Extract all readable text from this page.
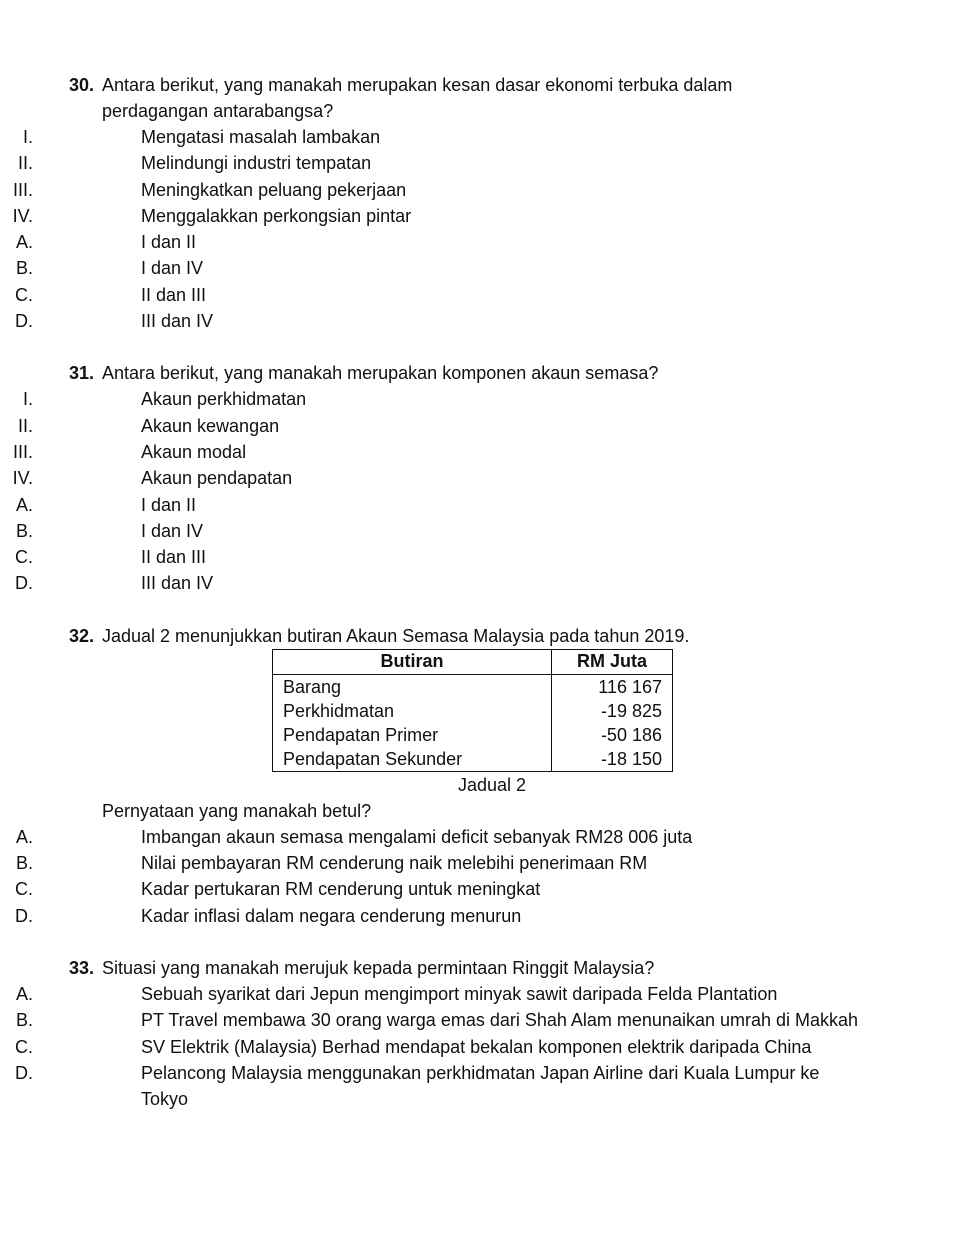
30. Antara berikut, yang manakah merupakan kesan dasar ekonomi terbuka dalam perdagangan antarabangsa?
I.	Mengatasi masalah lambakan
II.	Melindungi industri tempatan
III.	Meningkatkan peluang pekerjaan
IV.	Menggalakkan perkongsian pintar
A.	I dan II
B.	I dan IV
C.	II dan III
D.	III dan IV
31. Antara berikut, yang manakah merupakan komponen akaun semasa?
I.	Akaun perkhidmatan
II.	Akaun kewangan
III.	Akaun modal
IV.	Akaun pendapatan
A.	I dan II
B.	I dan IV
C.	II dan III
D.	III dan IV
32. Jadual 2 menunjukkan butiran Akaun Semasa Malaysia pada tahun 2019.
Butiran	RM Juta
Barang	116 167
Perkhidmatan	-19 825
Pendapatan Primer	-50 186
Pendapatan Sekunder	-18 150
Jadual 2
Pernyataan yang manakah betul?
A.	Imbangan akaun semasa mengalami deficit sebanyak RM28 006 juta
B.	Nilai pembayaran RM cenderung naik melebihi penerimaan RM
C.	Kadar pertukaran RM cenderung untuk meningkat
D.	Kadar inflasi dalam negara cenderung menurun
33. Situasi yang manakah merujuk kepada permintaan Ringgit Malaysia?
A.	Sebuah syarikat dari Jepun mengimport minyak sawit daripada Felda Plantation
B.	PT Travel membawa 30 orang warga emas dari Shah Alam menunaikan umrah di Makkah
C.	SV Elektrik (Malaysia) Berhad mendapat bekalan komponen elektrik daripada China
D.	Pelancong Malaysia menggunakan perkhidmatan Japan Airline dari Kuala Lumpur ke Tokyo
